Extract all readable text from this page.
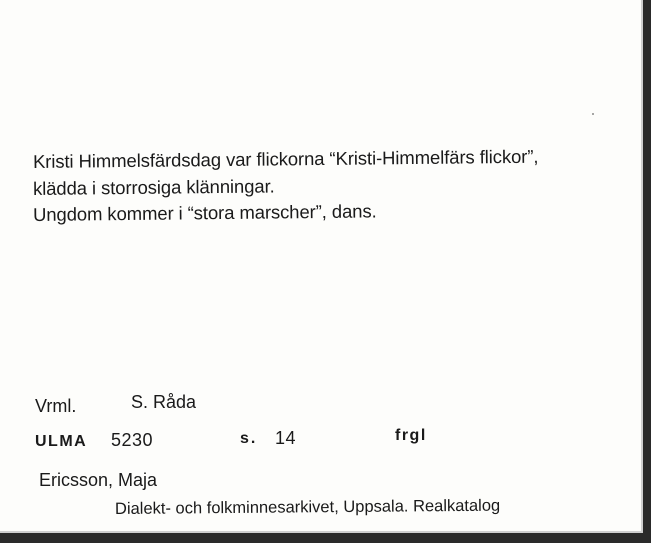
Kristi Himmelsfärdsdag var flickorna “Kristi-Himmelfärs flickor”,
klädda i storrosiga klänningar.
Ungdom kommer i “stora marscher”, dans.
Vrml.	S. Råda
ULMA 5230	s. 14	frgl
Ericsson, Maja
Dialekt- och folkminnesarkivet, Uppsala. Realkatalog
